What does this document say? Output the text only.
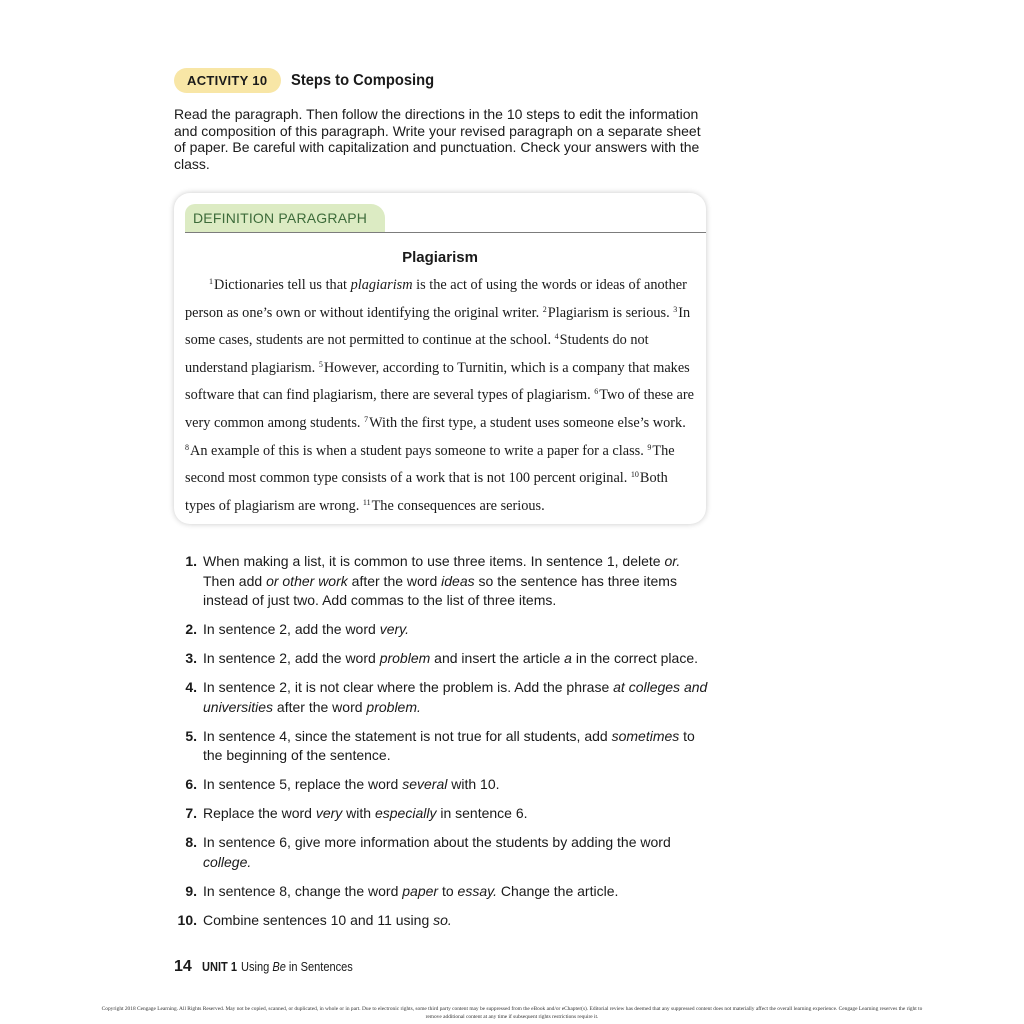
ACTIVITY 10	Steps to Composing

Read the paragraph. Then follow the directions in the 10 steps to edit the information and composition of this paragraph. Write your revised paragraph on a separate sheet of paper. Be careful with capitalization and punctuation. Check your answers with the class.

DEFINITION PARAGRAPH
Plagiarism

$^1$Dictionaries tell us that plagiarism is the act of using the words or ideas of another person as one’s own or without identifying the original writer. $^2$Plagiarism is serious. $^3$In some cases, students are not permitted to continue at the school. $^4$Students do not understand plagiarism. $^5$However, according to Turnitin, which is a company that makes software that can find plagiarism, there are several types of plagiarism. $^6$Two of these are very common among students. $^7$With the first type, a student uses someone else’s work. $^8$An example of this is when a student pays someone to write a paper for a class. $^9$The second most common type consists of a work that is not 100 percent original. $^{10}$Both types of plagiarism are wrong. $^{11}$The consequences are serious.

1. When making a list, it is common to use three items. In sentence 1, delete or. Then add or other work after the word ideas so the sentence has three items instead of just two. Add commas to the list of three items.
2. In sentence 2, add the word very.
3. In sentence 2, add the word problem and insert the article a in the correct place.
4. In sentence 2, it is not clear where the problem is. Add the phrase at colleges and universities after the word problem.
5. In sentence 4, since the statement is not true for all students, add sometimes to the beginning of the sentence.
6. In sentence 5, replace the word several with 10.
7. Replace the word very with especially in sentence 6.
8. In sentence 6, give more information about the students by adding the word college.
9. In sentence 8, change the word paper to essay. Change the article.
10. Combine sentences 10 and 11 using so.
14 UNIT 1 Using Be in Sentences
Copyright 2018 Cengage Learning. All Rights Reserved. May not be copied, scanned, or duplicated, in whole or in part. Due to electronic rights, some third party content may be suppressed from the eBook and/or eChapter(s). Editorial review has deemed that any suppressed content does not materially affect the overall learning experience. Cengage Learning reserves the right to remove additional content at any time if subsequent rights restrictions require it.
